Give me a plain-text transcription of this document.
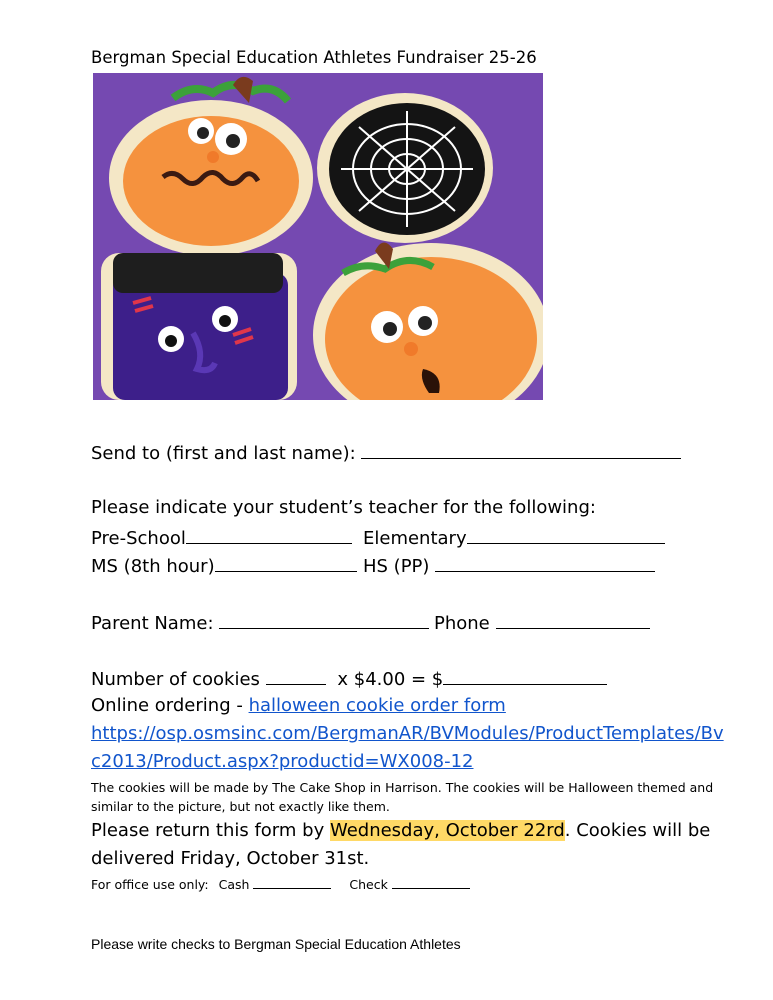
Bergman Special Education Athletes Fundraiser 25-26
Send to (first and last name):
Please indicate your student’s teacher for the following:
Pre-School	Elementary
MS (8th hour)	HS (PP)
Parent Name:	Phone
Number of cookies	x $4.00 = $
Online ordering - halloween cookie order form
https://osp.osmsinc.com/BergmanAR/BVModules/ProductTemplates/Bv
c2013/Product.aspx?productid=WX008-12
The cookies will be made by The Cake Shop in Harrison. The cookies will be Halloween themed and
similar to the picture, but not exactly like them.
Please return this form by Wednesday, October 22rd. Cookies will be
delivered Friday, October 31st.
For office use only: Cash	Check
Please write checks to Bergman Special Education Athletes
